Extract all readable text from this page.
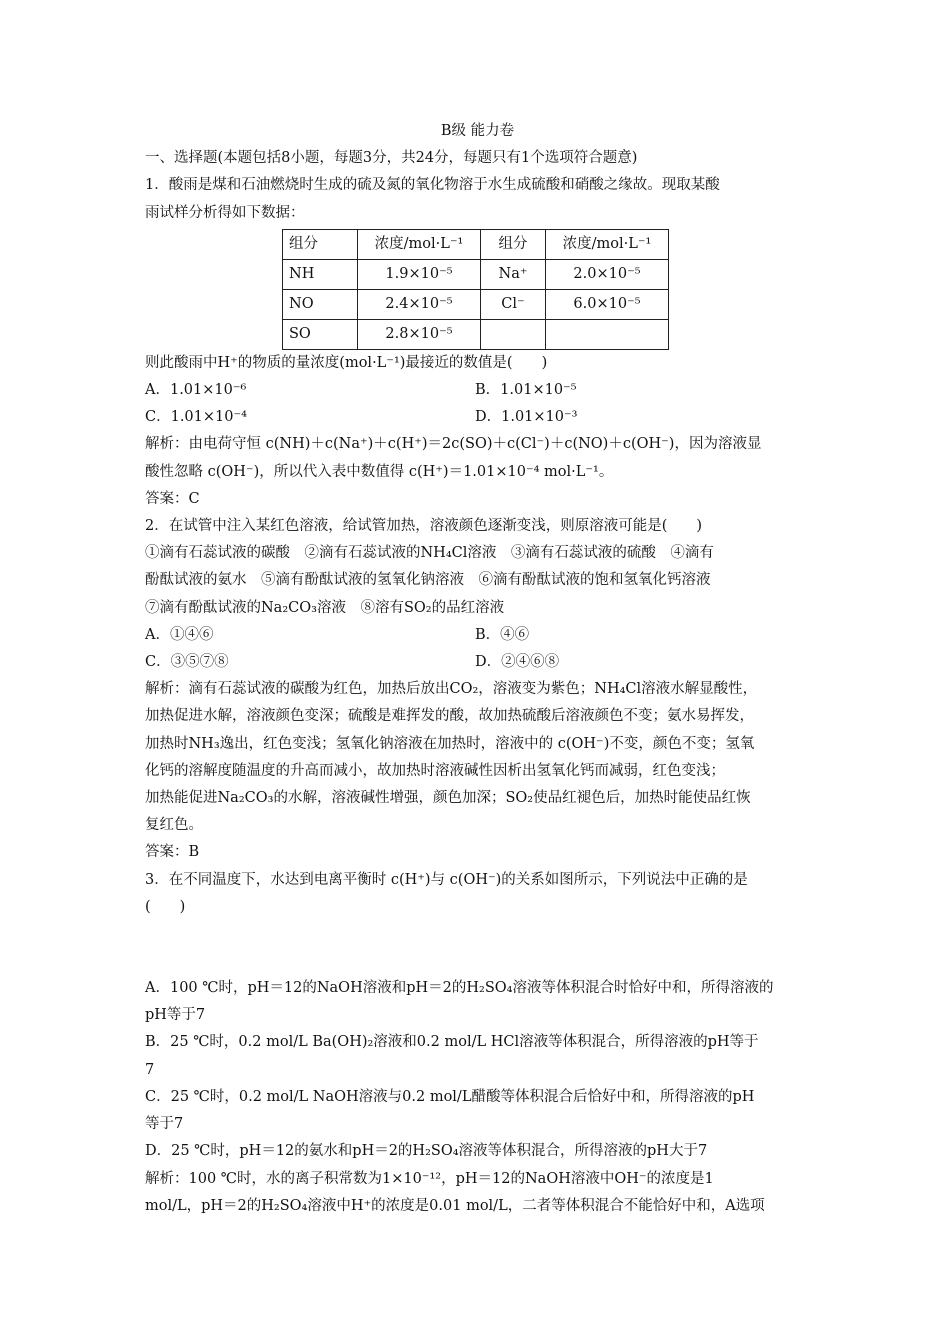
B级 能力卷
一、选择题(本题包括8小题，每题3分，共24分，每题只有1个选项符合题意)
1．酸雨是煤和石油燃烧时生成的硫及氮的氧化物溶于水生成硫酸和硝酸之缘故。现取某酸
雨试样分析得如下数据：
组分	浓度/mol·L⁻¹	组分	浓度/mol·L⁻¹
NH	1.9×10⁻⁵	Na⁺	2.0×10⁻⁵
NO	2.4×10⁻⁵	Cl⁻	6.0×10⁻⁵
SO	2.8×10⁻⁵		
则此酸雨中H⁺的物质的量浓度(mol·L⁻¹)最接近的数值是(　　)
A．1.01×10⁻⁶	B．1.01×10⁻⁵
C．1.01×10⁻⁴	D．1.01×10⁻³
解析：由电荷守恒 c(NH)＋c(Na⁺)＋c(H⁺)＝2c(SO)＋c(Cl⁻)＋c(NO)＋c(OH⁻)，因为溶液显
酸性忽略 c(OH⁻)，所以代入表中数值得 c(H⁺)＝1.01×10⁻⁴ mol·L⁻¹。
答案：C
2．在试管中注入某红色溶液，给试管加热，溶液颜色逐渐变浅，则原溶液可能是(　　)
①滴有石蕊试液的碳酸　②滴有石蕊试液的NH₄Cl溶液　③滴有石蕊试液的硫酸　④滴有
酚酞试液的氨水　⑤滴有酚酞试液的氢氧化钠溶液　⑥滴有酚酞试液的饱和氢氧化钙溶液
⑦滴有酚酞试液的Na₂CO₃溶液　⑧溶有SO₂的品红溶液
A．①④⑥	B．④⑥
C．③⑤⑦⑧	D．②④⑥⑧
解析：滴有石蕊试液的碳酸为红色，加热后放出CO₂，溶液变为紫色；NH₄Cl溶液水解显酸性，
加热促进水解，溶液颜色变深；硫酸是难挥发的酸，故加热硫酸后溶液颜色不变；氨水易挥发，
加热时NH₃逸出，红色变浅；氢氧化钠溶液在加热时，溶液中的 c(OH⁻)不变，颜色不变；氢氧
化钙的溶解度随温度的升高而减小，故加热时溶液碱性因析出氢氧化钙而减弱，红色变浅；
加热能促进Na₂CO₃的水解，溶液碱性增强，颜色加深；SO₂使品红褪色后，加热时能使品红恢
复红色。
答案：B
3．在不同温度下，水达到电离平衡时 c(H⁺)与 c(OH⁻)的关系如图所示，下列说法中正确的是
(　　)
A．100 ℃时，pH＝12的NaOH溶液和pH＝2的H₂SO₄溶液等体积混合时恰好中和，所得溶液的
pH等于7
B．25 ℃时，0.2 mol/L Ba(OH)₂溶液和0.2 mol/L HCl溶液等体积混合，所得溶液的pH等于
7
C．25 ℃时，0.2 mol/L NaOH溶液与0.2 mol/L醋酸等体积混合后恰好中和，所得溶液的pH
等于7
D．25 ℃时，pH＝12的氨水和pH＝2的H₂SO₄溶液等体积混合，所得溶液的pH大于7
解析：100 ℃时，水的离子积常数为1×10⁻¹²，pH＝12的NaOH溶液中OH⁻的浓度是1
mol/L，pH＝2的H₂SO₄溶液中H⁺的浓度是0.01 mol/L，二者等体积混合不能恰好中和，A选项
